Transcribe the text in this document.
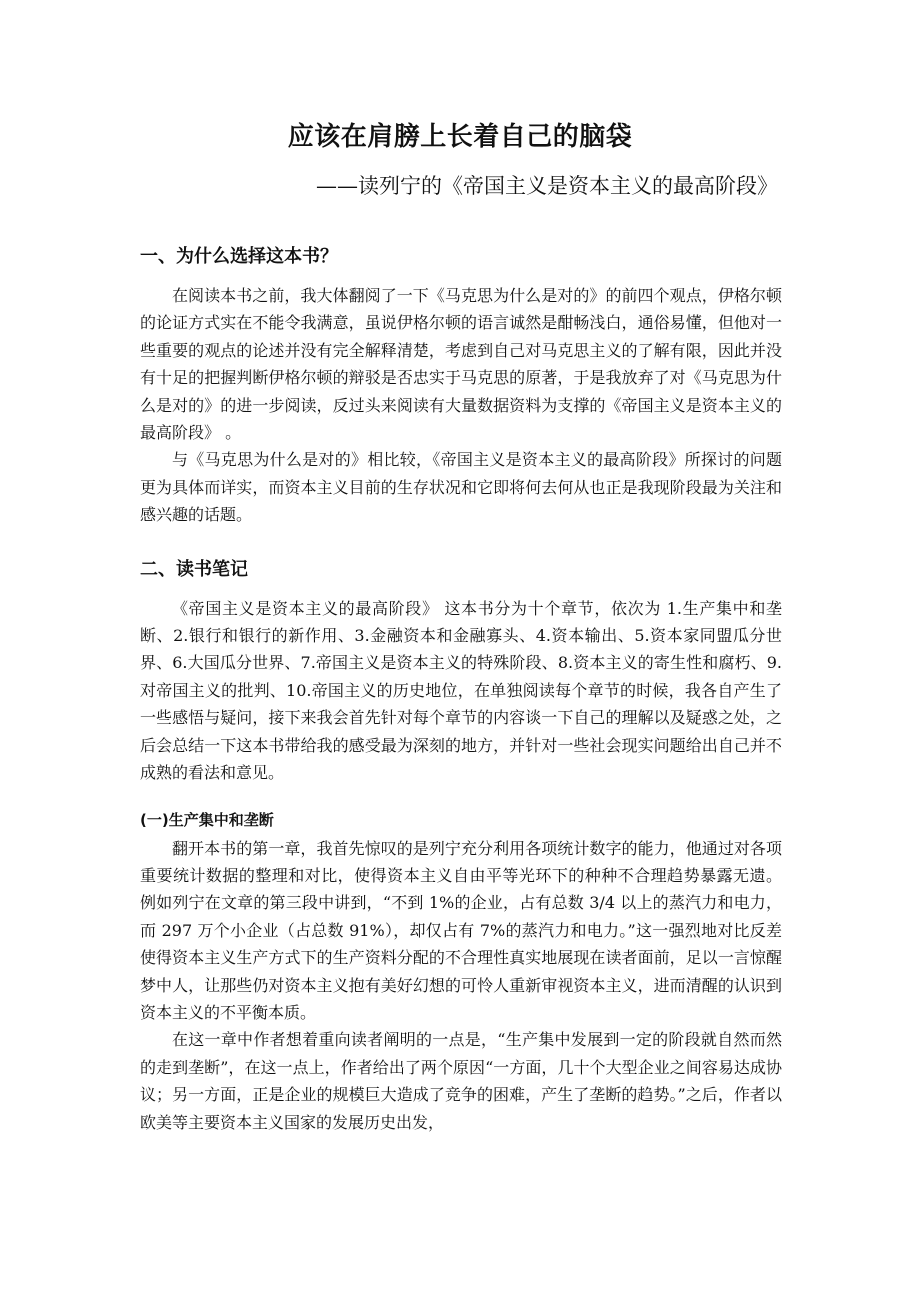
应该在肩膀上长着自己的脑袋
——读列宁的《帝国主义是资本主义的最高阶段》
一、为什么选择这本书？

在阅读本书之前，我大体翻阅了一下《马克思为什么是对的》的前四个观点，伊格尔顿的论证方式实在不能令我满意，虽说伊格尔顿的语言诚然是酣畅浅白，通俗易懂，但他对一些重要的观点的论述并没有完全解释清楚，考虑到自己对马克思主义的了解有限，因此并没有十足的把握判断伊格尔顿的辩驳是否忠实于马克思的原著，于是我放弃了对《马克思为什么是对的》的进一步阅读，反过头来阅读有大量数据资料为支撑的《帝国主义是资本主义的最高阶段》 。

与《马克思为什么是对的》相比较，《帝国主义是资本主义的最高阶段》所探讨的问题更为具体而详实，而资本主义目前的生存状况和它即将何去何从也正是我现阶段最为关注和感兴趣的话题。

二、读书笔记

《帝国主义是资本主义的最高阶段》 这本书分为十个章节，依次为 1.生产集中和垄断、2.银行和银行的新作用、3.金融资本和金融寡头、4.资本输出、5.资本家同盟瓜分世界、6.大国瓜分世界、7.帝国主义是资本主义的特殊阶段、8.资本主义的寄生性和腐朽、9.对帝国主义的批判、10.帝国主义的历史地位，在单独阅读每个章节的时候，我各自产生了一些感悟与疑问，接下来我会首先针对每个章节的内容谈一下自己的理解以及疑惑之处，之后会总结一下这本书带给我的感受最为深刻的地方，并针对一些社会现实问题给出自己并不成熟的看法和意见。

(一)生产集中和垄断

翻开本书的第一章，我首先惊叹的是列宁充分利用各项统计数字的能力，他通过对各项重要统计数据的整理和对比，使得资本主义自由平等光环下的种种不合理趋势暴露无遗。 例如列宁在文章的第三段中讲到，“不到 1%的企业，占有总数 3/4 以上的蒸汽力和电力，而 297 万个小企业（占总数 91%），却仅占有 7%的蒸汽力和电力。”这一强烈地对比反差使得资本主义生产方式下的生产资料分配的不合理性真实地展现在读者面前，足以一言惊醒梦中人，让那些仍对资本主义抱有美好幻想的可怜人重新审视资本主义，进而清醒的认识到资本主义的不平衡本质。

在这一章中作者想着重向读者阐明的一点是，“生产集中发展到一定的阶段就自然而然的走到垄断”，在这一点上，作者给出了两个原因“一方面，几十个大型企业之间容易达成协议；另一方面，正是企业的规模巨大造成了竞争的困难，产生了垄断的趋势。”之后，作者以欧美等主要资本主义国家的发展历史出发，
